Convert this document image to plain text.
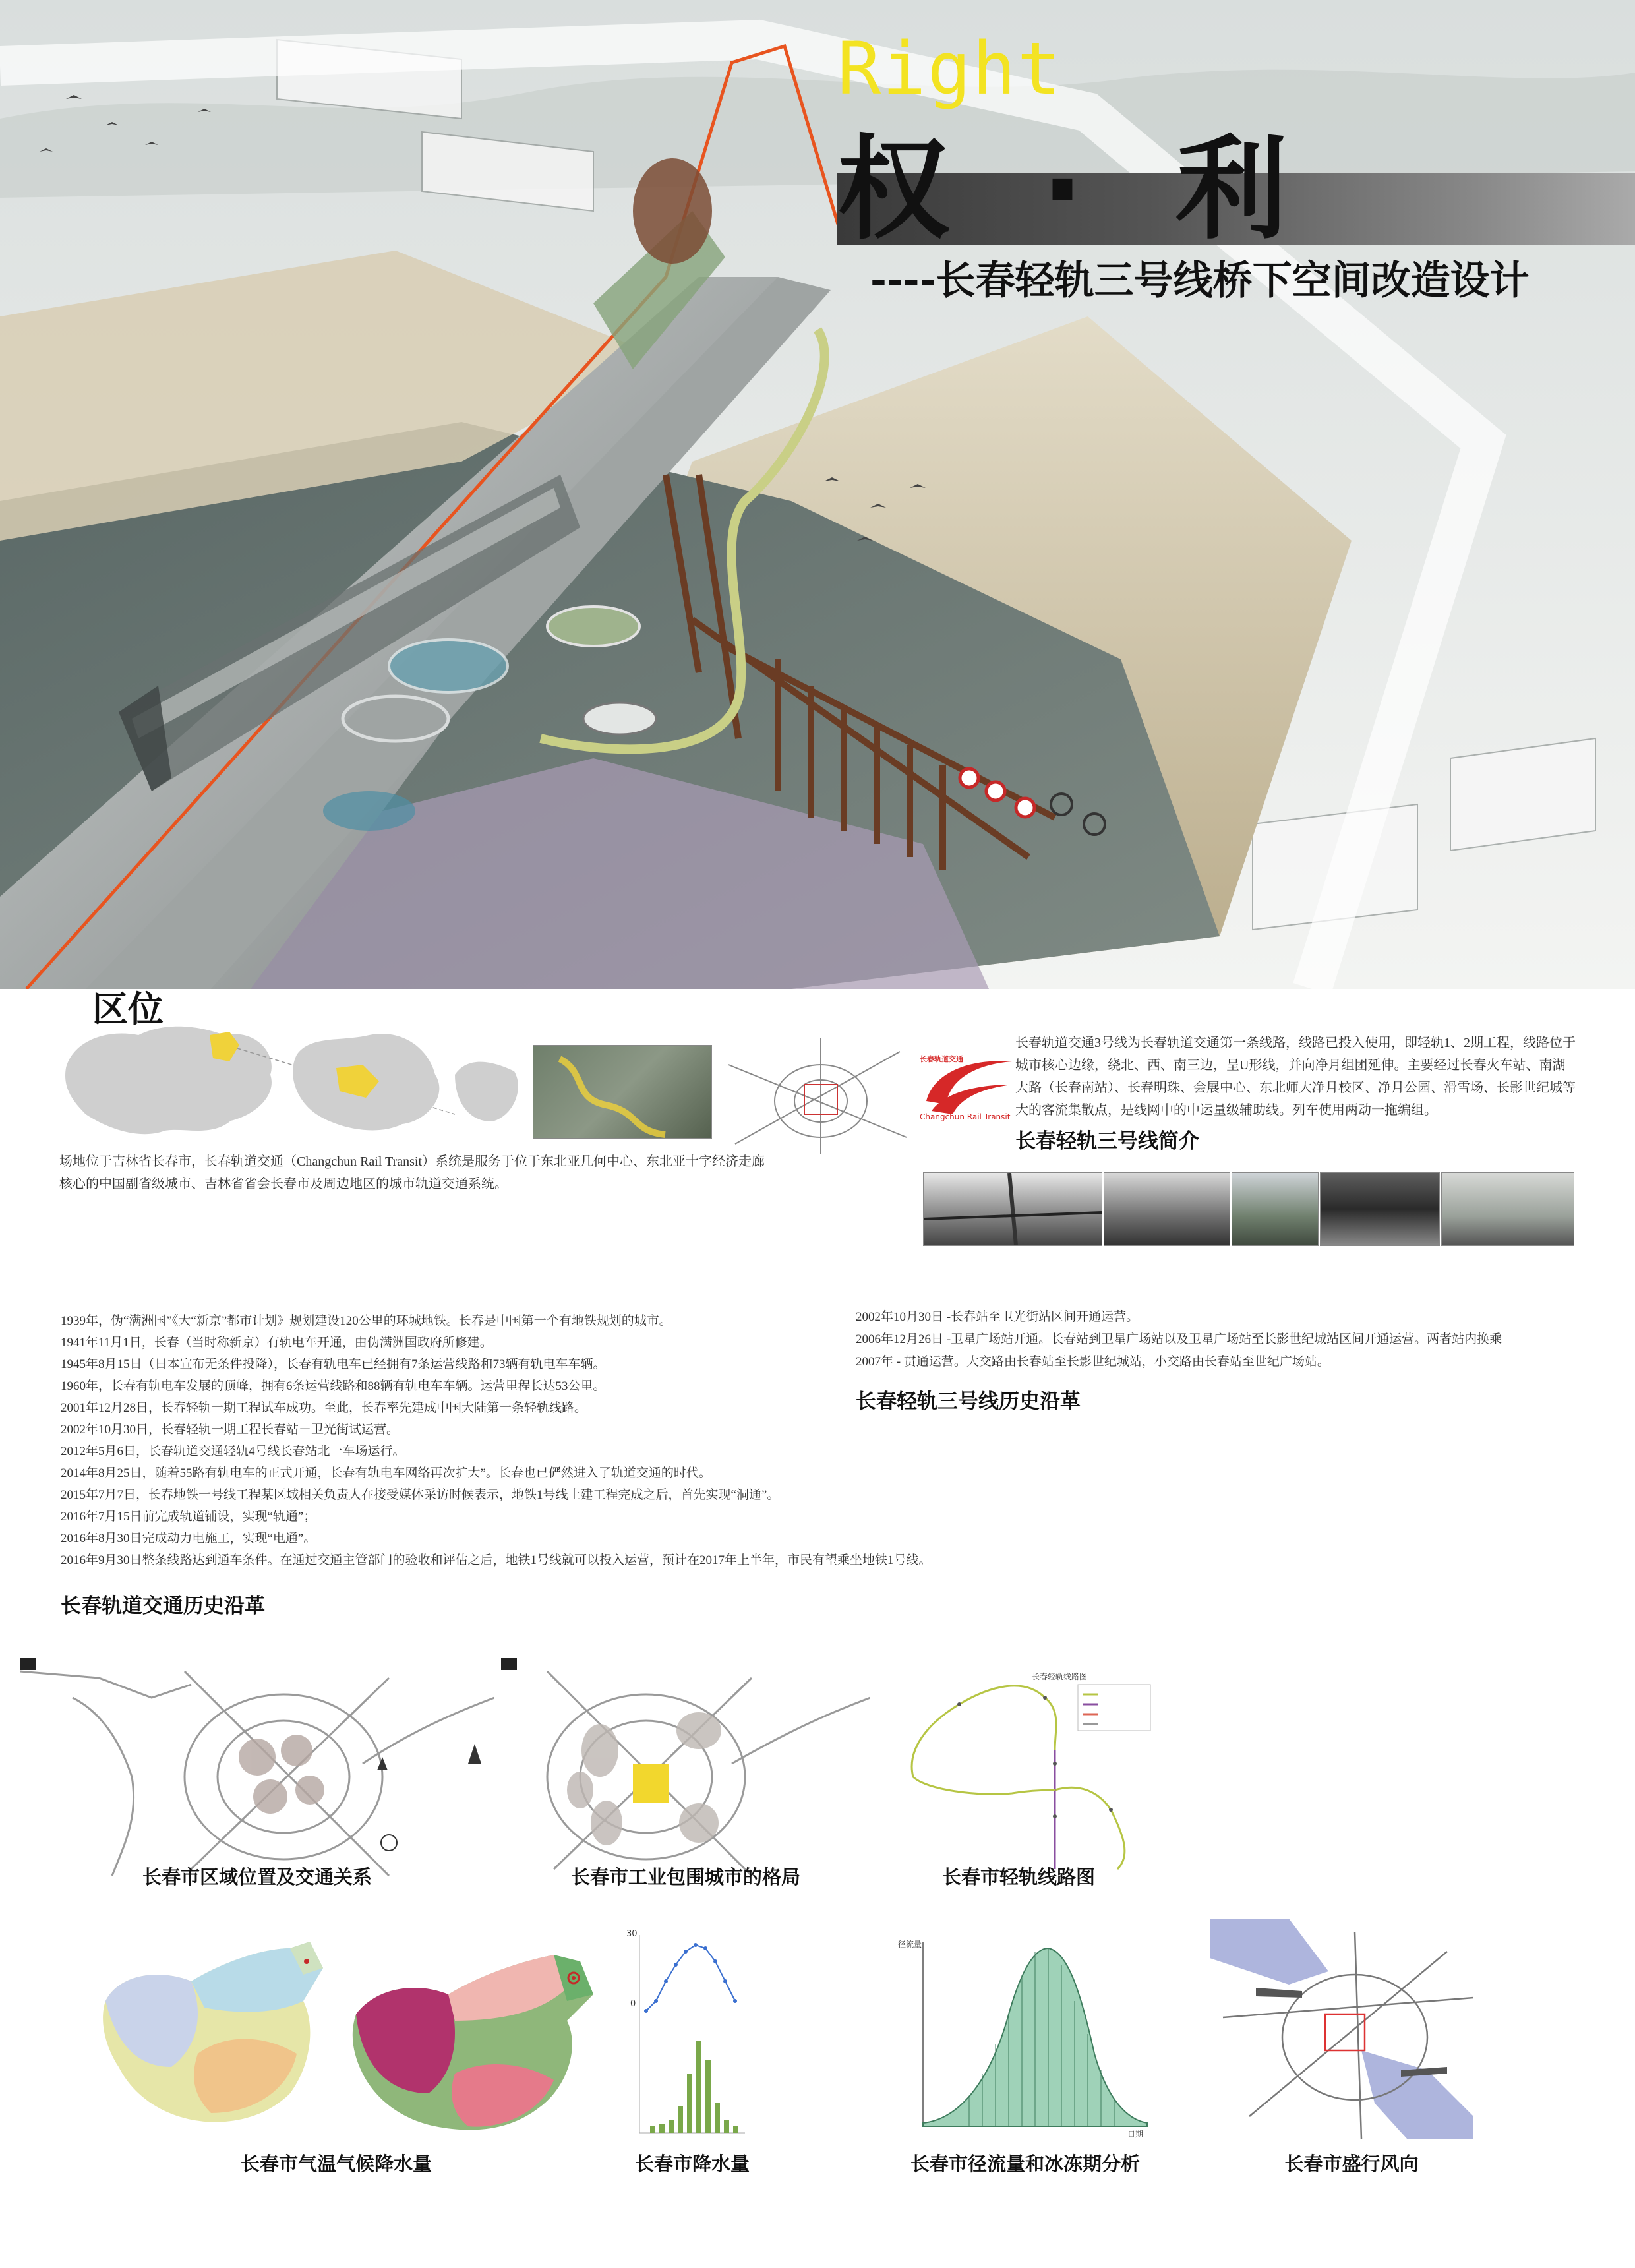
Right
权 · 利
----长春轻轨三号线桥下空间改造设计
区位
场地位于吉林省长春市，长春轨道交通（Changchun Rail Transit）系统是服务于位于东北亚几何中心、东北亚十字经济走廊核心的中国副省级城市、吉林省省会长春市及周边地区的城市轨道交通系统。
长春轨道交通
Changchun Rail Transit
长春轨道交通3号线为长春轨道交通第一条线路，线路已投入使用，即轻轨1、2期工程，线路位于城市核心边缘，绕北、西、南三边，呈U形线，并向净月组团延伸。主要经过长春火车站、南湖大路（长春南站）、长春明珠、会展中心、东北师大净月校区、净月公园、滑雪场、长影世纪城等大的客流集散点，是线网中的中运量级辅助线。列车使用两动一拖编组。
长春轻轨三号线简介
1939年，伪“满洲国”《大“新京”都市计划》规划建设120公里的环城地铁。长春是中国第一个有地铁规划的城市。
1941年11月1日，长春（当时称新京）有轨电车开通，由伪满洲国政府所修建。
1945年8月15日（日本宣布无条件投降），长春有轨电车已经拥有7条运营线路和73辆有轨电车车辆。
1960年，长春有轨电车发展的顶峰，拥有6条运营线路和88辆有轨电车车辆。运营里程长达53公里。
2001年12月28日，长春轻轨一期工程试车成功。至此，长春率先建成中国大陆第一条轻轨线路。
2002年10月30日，长春轻轨一期工程长春站－卫光街试运营。
2012年5月6日，长春轨道交通轻轨4号线长春站北一车场运行。
2014年8月25日，随着55路有轨电车的正式开通，长春有轨电车网络再次扩大”。长春也已俨然进入了轨道交通的时代。
2015年7月7日，长春地铁一号线工程某区域相关负责人在接受媒体采访时候表示，地铁1号线土建工程完成之后，首先实现“洞通”。
2016年7月15日前完成轨道铺设，实现“轨通”；
2016年8月30日完成动力电施工，实现“电通”。
2016年9月30日整条线路达到通车条件。在通过交通主管部门的验收和评估之后，地铁1号线就可以投入运营，预计在2017年上半年，市民有望乘坐地铁1号线。
长春轨道交通历史沿革
2002年10月30日 -长春站至卫光街站区间开通运营。
2006年12月26日 -卫星广场站开通。长春站到卫星广场站以及卫星广场站至长影世纪城站区间开通运营。两者站内换乘
2007年 - 贯通运营。大交路由长春站至长影世纪城站，小交路由长春站至世纪广场站。
长春轻轨三号线历史沿革
长春市区域位置及交通关系	长春市工业包围城市的格局
长春轻轨线路图
长春市轻轨线路图
长春市气温气候降水量
30
0
长春市降水量
径流量
日期
长春市径流量和冰冻期分析	长春市盛行风向
